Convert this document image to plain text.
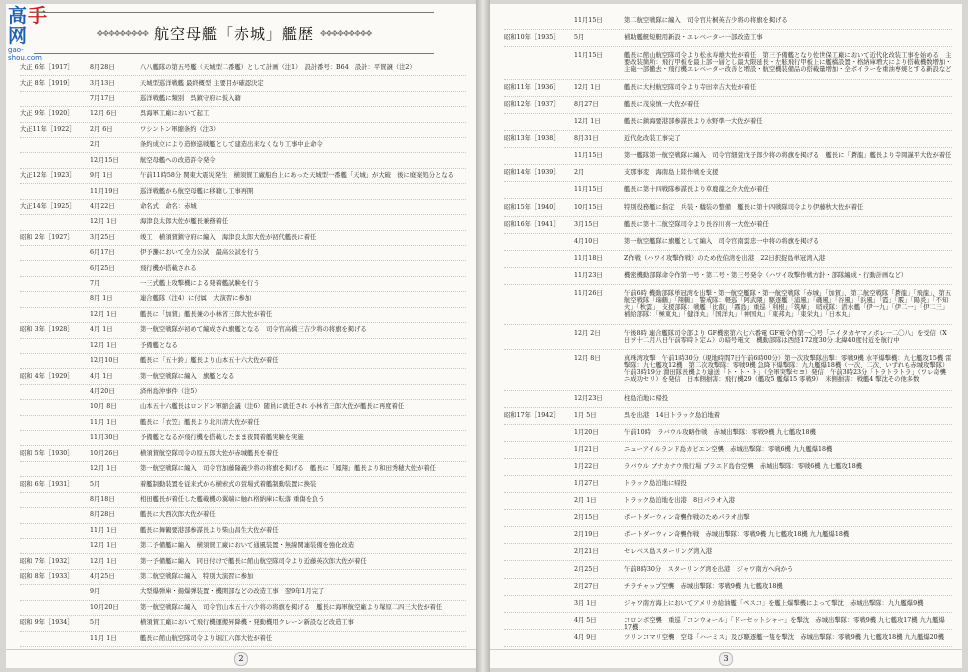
高手网
gao-shou.com
✥✥✥✥✥✥✥✥✥ 航空母艦「赤城」艦歴 ✥✥✥✥✥✥✥✥✥
大正 6年［1917］	8月28日	八八艦隊の第五号艦（天城型二番艦）として計画（注1）　設計番号：B64　設計：平賀譲（注2）
大正 8年［1919］	3月13日	天城型巡洋戦艦 最終概型 主要目が確認決定
7月17日	巡洋戦艦に類別　呉鎮守府に仮入籍
大正 9年［1920］	12月 6日	呉海軍工廠において起工
大正11年［1922］	2月 6日	ワシントン軍縮条約（注3）
2月	条約成立により造修巡戦艦として建造出来なくなり工事中止命令
12月15日	航空母艦への改造許令発令
大正12年［1923］	9月 1日	午前11時58分 関東大震災発生　横須賀工廠船台上にあった天城型一番艦「天城」が大破　後に廃案処分となる
11月19日	巡洋戦艦から航空母艦に移籍し工事再開
大正14年［1925］	4月22日	命名式　命名：赤城
12月 1日	海津良太郎大佐が艦長兼務着任
昭和 2年［1927］	3月25日	竣工　横須賀鎮守府に編入　海津良太郎大佐が初代艦長に着任
6月17日	伊予灘において全力公試　最高公試を行う
6月25日	飛行機が搭載される
7月	一三式艦上攻撃機による発着艦試験を行う
8月 1日	連合艦隊（注4）に付属　大演習に参加
12月 1日	艦長に「加賀」艦長兼の小林省三郎大佐が着任
昭和 3年［1928］	4月 1日	第一航空戦隊が初めて編成され旗艦となる　司令官高橋三吉少将の将旗を掲げる
12月 1日	予備艦となる
12月10日	艦長に「五十鈴」艦長より山本五十六大佐が着任
昭和 4年［1929］	4月 1日	第一航空戦隊に編入　旗艦となる
4月20日	済州島沖事件（注5）
10月 8日	山本五十六艦長はロンドン軍縮会議（注6）随員に就任され 小林省三郎大佐が艦長に再度着任
11月 1日	艦長に「衣笠」艦長より北川清大佐が着任
11月30日	予備艦となるが飛行機を搭載したまま夜間着艦実験を実施
昭和 5年［1930］	10月26日	横須賀航空隊司令の原五郎大佐が赤城艦長を着任
12月 1日	第一航空戦隊に編入　司令官加藤隆義少将の将旗を掲げる　艦長に「鳳翔」艦長より和田秀穂大佐が着任
昭和 6年［1931］	5月	着艦制動装置を従来式から横索式の萱場式着艦制動装置に換装
8月18日	相田艦長が着任した艦載機の翼端に触れ格納庫に転落 重傷を負う
8月28日	艦長に大西次郎大佐が着任
11月 1日	艦長に舞鶴要港部参謀長より柴山昌生大佐が着任
12月 1日	第二予備艦に編入　横須賀工廠において通風装置・無線関連装備を強化改造
昭和 7年［1932］	12月 1日	第一予備艦に編入　同日付けで艦長に館山航空隊司令より近藤英次郎大佐が着任
昭和 8年［1933］	4月25日	第二航空戦隊に編入　特別大演習に参加
9月	大型爆弾庫・揚爆弾装置・機関部などの改造工事　翌9年1月完了
10月20日	第一航空戦隊に編入　司令官山本五十六少将の将旗を掲げる　艦長に海軍航空廠より塚原二四三大佐が着任
昭和 9年［1934］	5月	横須賀工廠において飛行機運搬昇降機・発動機用クレーン新設など改造工事
11月 1日	艦長に館山航空隊司令より堀江六郎大佐が着任
2
11月15日	第二航空戦隊に編入　司令官片桐英吉少将の将旗を掲げる
昭和10年［1935］	5月	補助艦艇短艇用新設・エレベーター一部改造工事
11月15日	艦長に館山航空隊司令より松永寿雄大佐が着任　第三予備艦となり佐世保工廠において近代化改装工事を始める　主要改装箇所：飛行甲板を最上部一層とし最大限延長・左舷飛行甲板上に艦橋設置・格納庫増大により搭載機数増加・主砲一部撤去・飛行機エレベーター改善と増設・航空機装備品の搭載量増加・全ボイラーを重油専焼とする新設など
昭和11年［1936］	12月 1日	艦長に大村航空隊司令より寺田幸吉大佐が着任
昭和12年［1937］	8月27日	艦長に茂泉慎一大佐が着任
12月 1日	艦長に鎮海要港部参謀長より水野準一大佐が着任
昭和13年［1938］	8月31日	近代化改装工事完了
11月15日	第一艦隊第一航空戦隊に編入　司令官細萱戊子郎少将の将旗を掲げる　艦長に「蒼龍」艦長より寺岡謹平大佐が着任
昭和14年［1939］	2月	支那事変　海南島上陸作戦を支援
11月15日	艦長に第十四戦隊参謀長より草鹿龍之介大佐が着任
昭和15年［1940］	10月15日	特別役務艦に指定　兵装・艤装の整備　艦長に第十四戦隊司令より伊藤秋大佐が着任
昭和16年［1941］	3月15日	艦長に第十二航空隊司令より長谷川喜一大佐が着任
4月10日	第一航空艦隊に旗艦として編入　司令官南雲忠一中将の将旗を掲げる
11月18日	Z作戦（ハワイ攻撃作戦）のため佐伯湾を出港　22日択捉島単冠湾入港
11月23日	機密機動部隊命令作第一号・第二号・第三号発令（ハワイ攻撃作戦方針・部隊編成・行動計画など）
11月26日	午前6時 機動部隊単冠湾を出撃・第一航空艦隊・第一航空戦隊「赤城」「加賀」、第二航空戦隊「蒼龍」「飛龍」、第五航空戦隊「瑞鶴」「翔鶴」　警戒隊：軽巡「阿武隈」駆逐艦「浦風」「磯風」「谷風」「浜風」「霞」「霰」「陽炎」「不知火」「秋雲」　支援部隊：戦艦「比叡」「霧島」重巡「利根」「筑摩」　哨戒隊：潜水艦「伊一九」「伊二一」「伊二三」　補給部隊：「極東丸」「健洋丸」「国洋丸」「神国丸」「東邦丸」「東栄丸」「日本丸」
12月 2日	午後8時 連合艦隊司令部より GF機密第六七六番電 GF電令作第一〇号「ニイタカヤマノボレ一二〇八」を受信（X日ヲ十二月八日午前零時ト定ム）の暗号電文　機動部隊は西経172度30分 北緯40度付近を航行中
12月 8日	真珠湾攻撃　午前1時30分（現地時間7日午前6時00分）第一次攻撃隊出撃：零戦9機 水平爆撃機：九七艦攻15機 雷撃隊：九七艦攻12機　第二次攻撃隊：零戦9機 急降下爆撃隊：九九艦爆18機（一次、二次、いずれも赤城攻撃隊）　午前3時19分 淵田隊長機より連送「ト・ト・ト」（全軍突撃セヨ）発信　午前3時23分「トラトラトラ」（ワレ奇襲ニ成功セリ）を発信　日本側損害：飛行機29（艦攻5 艦爆15 零戦9）　米側損害：戦艦4 撃沈その他多数
12月23日	柱島泊地に帰投
昭和17年［1942］	1月 5日	呉を出港　14日トラック島泊地着
1月20日	午前10時　ラバウル攻略作戦　赤城出撃隊：零戦9機 九七艦攻18機
1月21日	ニューアイルランド島カビエン空襲　赤城出撃隊：零戦6機 九九艦爆18機
1月22日	ラバウル ブナカナウ飛行場 ブラエド島台空襲　赤城出撃隊：零戦6機 九七艦攻18機
1月27日	トラック島泊地に帰投
2月 1日	トラック島泊地を出港　8日パラオ入港
2月15日	ポートダーウィン奇襲作戦のためパラオ出撃
2月19日	ポートダーウィン奇襲作戦　赤城出撃隊：零戦9機 九七艦攻18機 九九艦爆18機
2月21日	セレベス島スターリング湾入港
2月25日	午前8時30分　スターリング湾を出港　ジャワ南方へ向かう
2月27日	チラチャップ空襲　赤城出撃隊：零戦9機 九七艦攻18機
3月 1日	ジャワ南方海上においてアメリカ給油艦「ペスコ」を艦上爆撃機によって撃沈　赤城出撃隊：九九艦爆9機
4月 5日	コロンボ空襲　重巡「コンウォール」「ドーセットシャー」を撃沈　赤城出撃隊：零戦9機 九七艦攻17機 九九艦爆17機
4月 9日	ツリンコマリ空襲　空母「ハーミス」及び駆逐艦一隻を撃沈　赤城出撃隊：零戦9機 九七艦攻18機 九九艦爆20機
3
